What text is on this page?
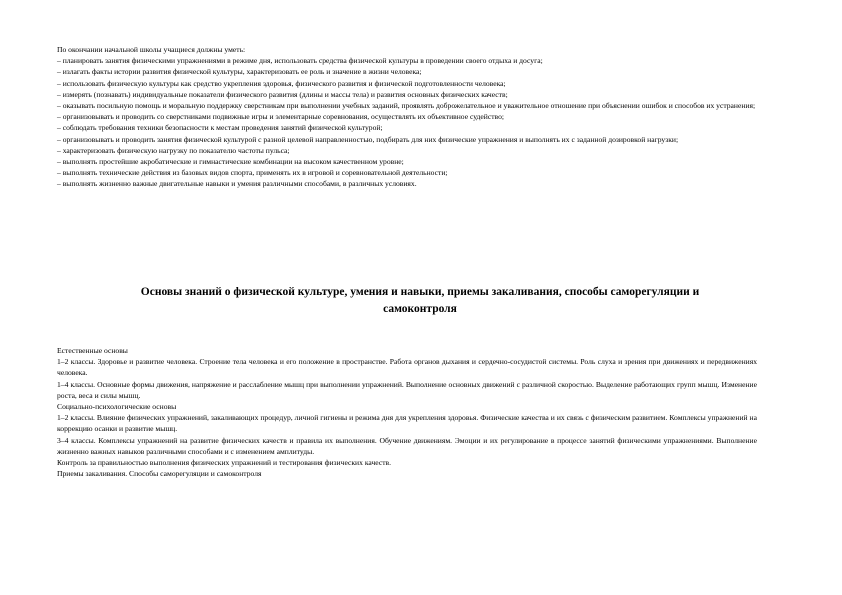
По окончании начальной школы учащиеся должны уметь:

– планировать занятия физическими упражнениями в режиме дня, использовать средства физической культуры в проведении своего отдыха и досуга;

– излагать факты истории развития физической культуры, характеризовать ее роль и значение в жизни человека;

– использовать физическую культуры как средство укрепления здоровья, физического развития и физической подготовленности человека;

– измерять (познавать) индивидуальные показатели физического развития (длины и массы тела) и развития основных физических качеств;

– оказывать посильную помощь и моральную поддержку сверстникам при выполнении учебных заданий, проявлять доброжелательное и уважительное отношение при объяснении ошибок и способов их устранения;

– организовывать и проводить со сверстниками подвижные игры и элементарные соревнования, осуществлять их объективное судейство;

– соблюдать требования техники безопасности к местам проведения занятий физической культурой;

– организовывать и проводить занятия физической культурой с разной целевой направленностью, подбирать для них физические упражнения и выполнять их с заданной дозировкой нагрузки;

– характеризовать физическую нагрузку по показателю частоты пульса;

– выполнять простейшие акробатические и гимнастические комбинации на высоком качественном уровне;

– выполнять технические действия из базовых видов спорта, применять их в игровой и соревновательной деятельности;

– выполнять жизненно важные двигательные навыки и умения различными способами, в различных условиях.

Основы знаний о физической культуре, умения и навыки, приемы закаливания, способы саморегуляции и

самоконтроля

Естественные основы

1–2 классы. Здоровье и развитие человека. Строение тела человека и его положение в пространстве. Работа органов дыхания и сердечно-сосудистой системы. Роль слуха и зрения при движениях и передвижениях человека.

1–4 классы. Основные формы движения, напряжение и расслабление мышц при выполнении упражнений. Выполнение основных движений с различной скоростью. Выделение работающих групп мышц. Изменение роста, веса и силы мышц.

Социально-психологические основы

1–2 классы. Влияние физических упражнений, закаливающих процедур, личной гигиены и режима дня для укрепления здоровья. Физические качества и их связь с физическим развитием. Комплексы упражнений на коррекцию осанки и развитие мышц.

3–4 классы. Комплексы упражнений на развитие физических качеств и правила их выполнения. Обучение движениям. Эмоции и их регулирование в процессе занятий физическими упражнениями. Выполнение жизненно важных навыков различными способами и с изменением амплитуды.

Контроль за правильностью выполнения физических упражнений и тестирования физических качеств.

Приемы закаливания. Способы саморегуляции и самоконтроля
